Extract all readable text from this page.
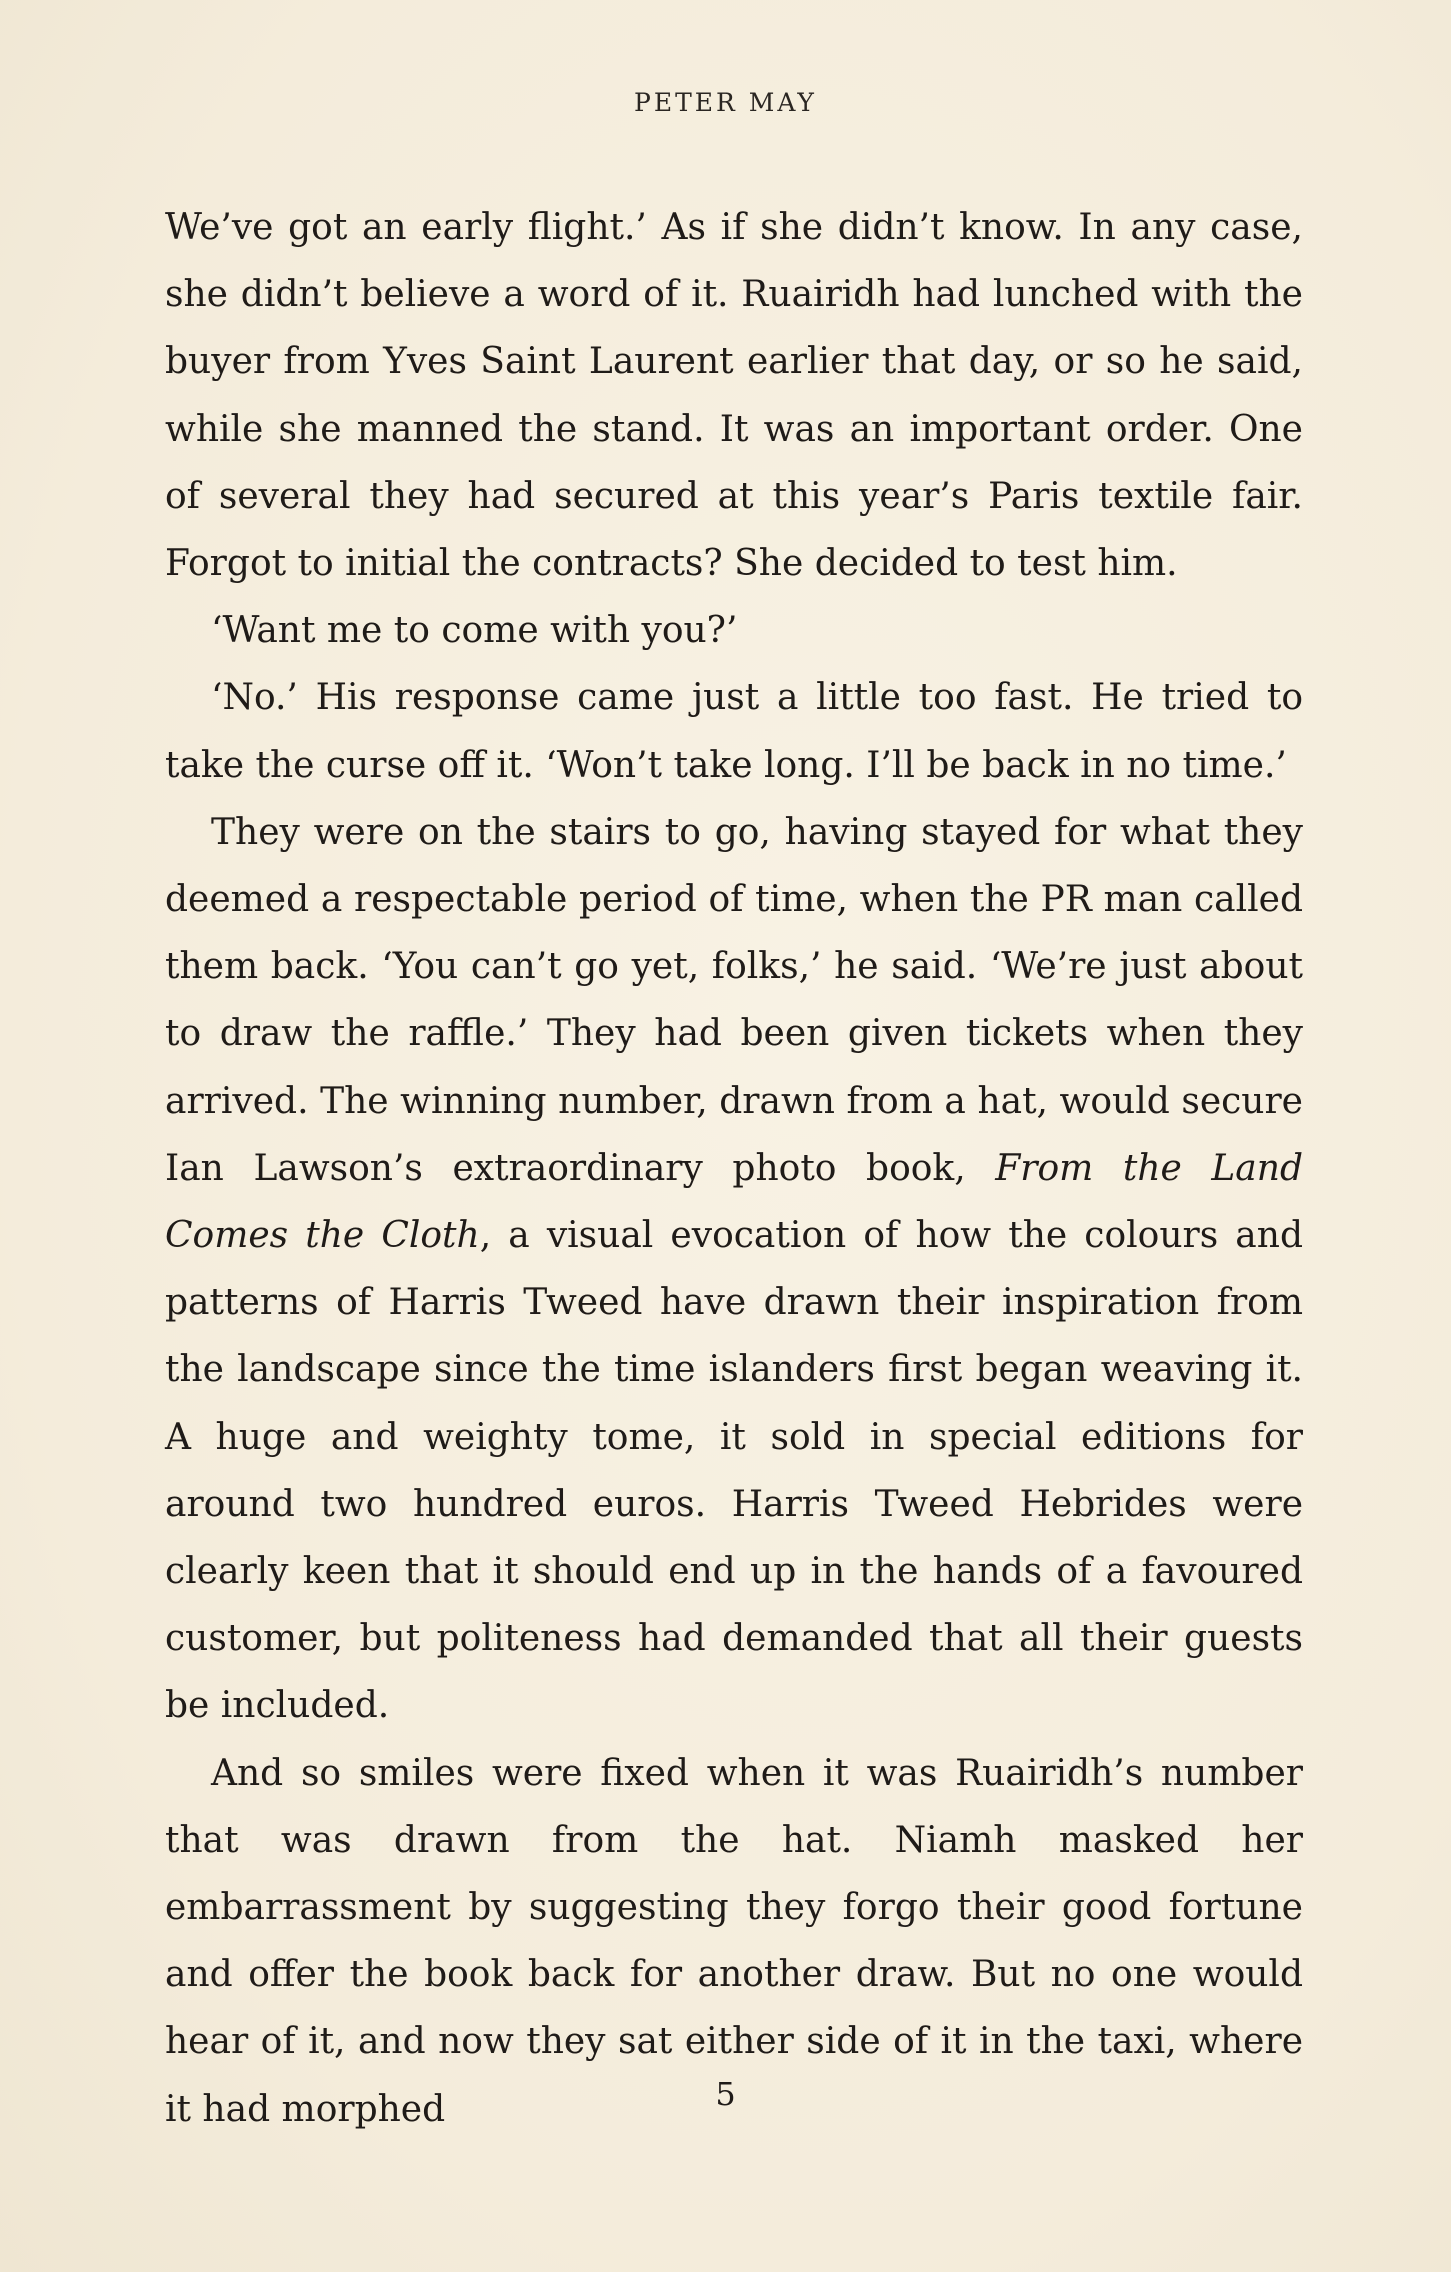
PETER MAY

We’ve got an early flight.’ As if she didn’t know. In any case, she didn’t believe a word of it. Ruairidh had lunched with the buyer from Yves Saint Laurent earlier that day, or so he said, while she manned the stand. It was an important order. One of several they had secured at this year’s Paris textile fair. Forgot to initial the contracts? She decided to test him.

‘Want me to come with you?’

‘No.’ His response came just a little too fast. He tried to take the curse off it. ‘Won’t take long. I’ll be back in no time.’

They were on the stairs to go, having stayed for what they deemed a respectable period of time, when the PR man called them back. ‘You can’t go yet, folks,’ he said. ‘We’re just about to draw the raffle.’ They had been given tickets when they arrived. The winning number, drawn from a hat, would secure Ian Lawson’s extraordinary photo book, From the Land Comes the Cloth, a visual evocation of how the colours and patterns of Harris Tweed have drawn their inspiration from the landscape since the time islanders first began weaving it. A huge and weighty tome, it sold in special editions for around two hundred euros. Harris Tweed Hebrides were clearly keen that it should end up in the hands of a favoured customer, but politeness had demanded that all their guests be included.

And so smiles were fixed when it was Ruairidh’s number that was drawn from the hat. Niamh masked her embarrassment by suggesting they forgo their good fortune and offer the book back for another draw. But no one would hear of it, and now they sat either side of it in the taxi, where it had morphed	5
